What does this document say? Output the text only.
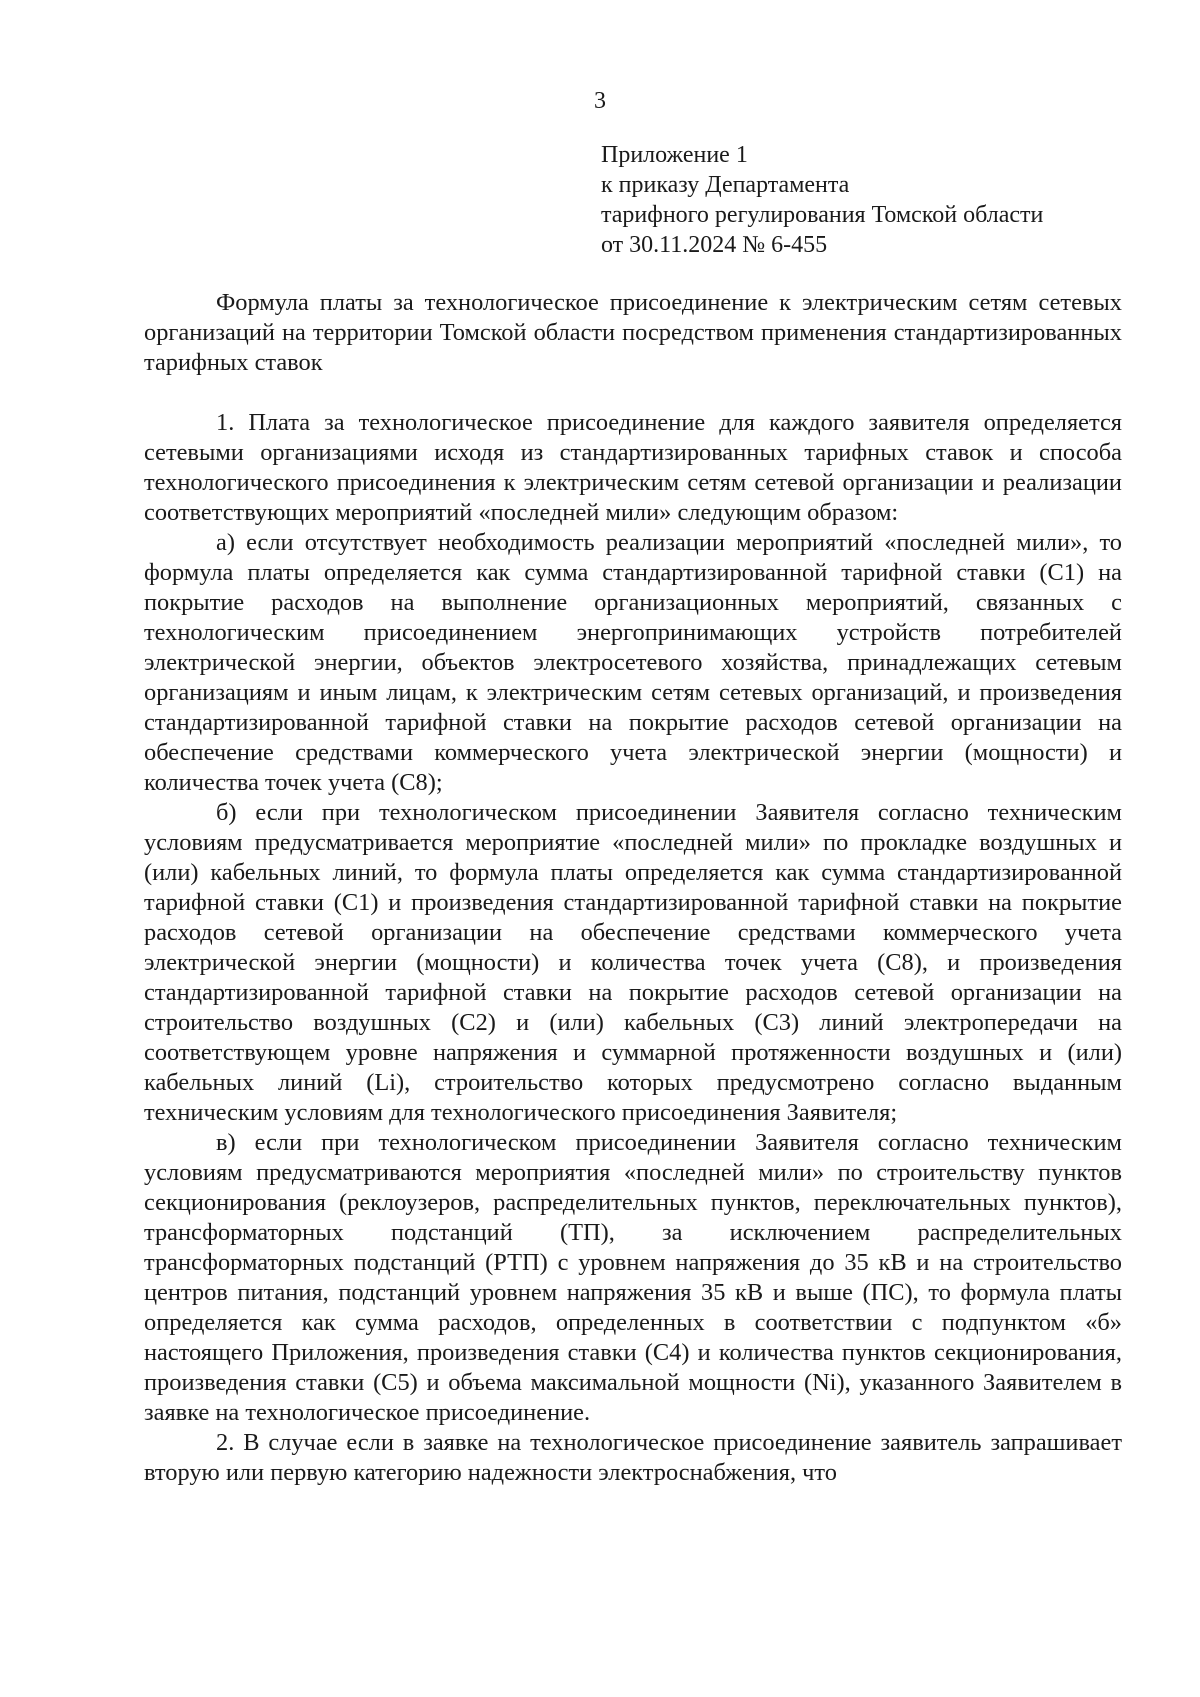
3
Приложение 1
к приказу Департамента
тарифного регулирования Томской области
от 30.11.2024 № 6-455

Формула платы за технологическое присоединение к электрическим сетям сетевых организаций на территории Томской области посредством применения стандартизированных тарифных ставок

1. Плата за технологическое присоединение для каждого заявителя определяется сетевыми организациями исходя из стандартизированных тарифных ставок и способа технологического присоединения к электрическим сетям сетевой организации и реализации соответствующих мероприятий «последней мили» следующим образом:

а) если отсутствует необходимость реализации мероприятий «последней мили», то формула платы определяется как сумма стандартизированной тарифной ставки (С1) на покрытие расходов на выполнение организационных мероприятий, связанных с технологическим присоединением энергопринимающих устройств потребителей электрической энергии, объектов электросетевого хозяйства, принадлежащих сетевым организациям и иным лицам, к электрическим сетям сетевых организаций, и произведения стандартизированной тарифной ставки на покрытие расходов сетевой организации на обеспечение средствами коммерческого учета электрической энергии (мощности) и количества точек учета (С8);

б) если при технологическом присоединении Заявителя согласно техническим условиям предусматривается мероприятие «последней мили» по прокладке воздушных и (или) кабельных линий, то формула платы определяется как сумма стандартизированной тарифной ставки (С1) и произведения стандартизированной тарифной ставки на покрытие расходов сетевой организации на обеспечение средствами коммерческого учета электрической энергии (мощности) и количества точек учета (С8), и произведения стандартизированной тарифной ставки на покрытие расходов сетевой организации на строительство воздушных (С2) и (или) кабельных (С3) линий электропередачи на соответствующем уровне напряжения и суммарной протяженности воздушных и (или) кабельных линий (Li), строительство которых предусмотрено согласно выданным техническим условиям для технологического присоединения Заявителя;

в) если при технологическом присоединении Заявителя согласно техническим условиям предусматриваются мероприятия «последней мили» по строительству пунктов секционирования (реклоузеров, распределительных пунктов, переключательных пунктов), трансформаторных подстанций (ТП), за исключением распределительных трансформаторных подстанций (РТП) с уровнем напряжения до 35 кВ и на строительство центров питания, подстанций уровнем напряжения 35 кВ и выше (ПС), то формула платы определяется как сумма расходов, определенных в соответствии с подпунктом «б» настоящего Приложения, произведения ставки (С4) и количества пунктов секционирования, произведения ставки (С5) и объема максимальной мощности (Ni), указанного Заявителем в заявке на технологическое присоединение.

2. В случае если в заявке на технологическое присоединение заявитель запрашивает вторую или первую категорию надежности электроснабжения, что
